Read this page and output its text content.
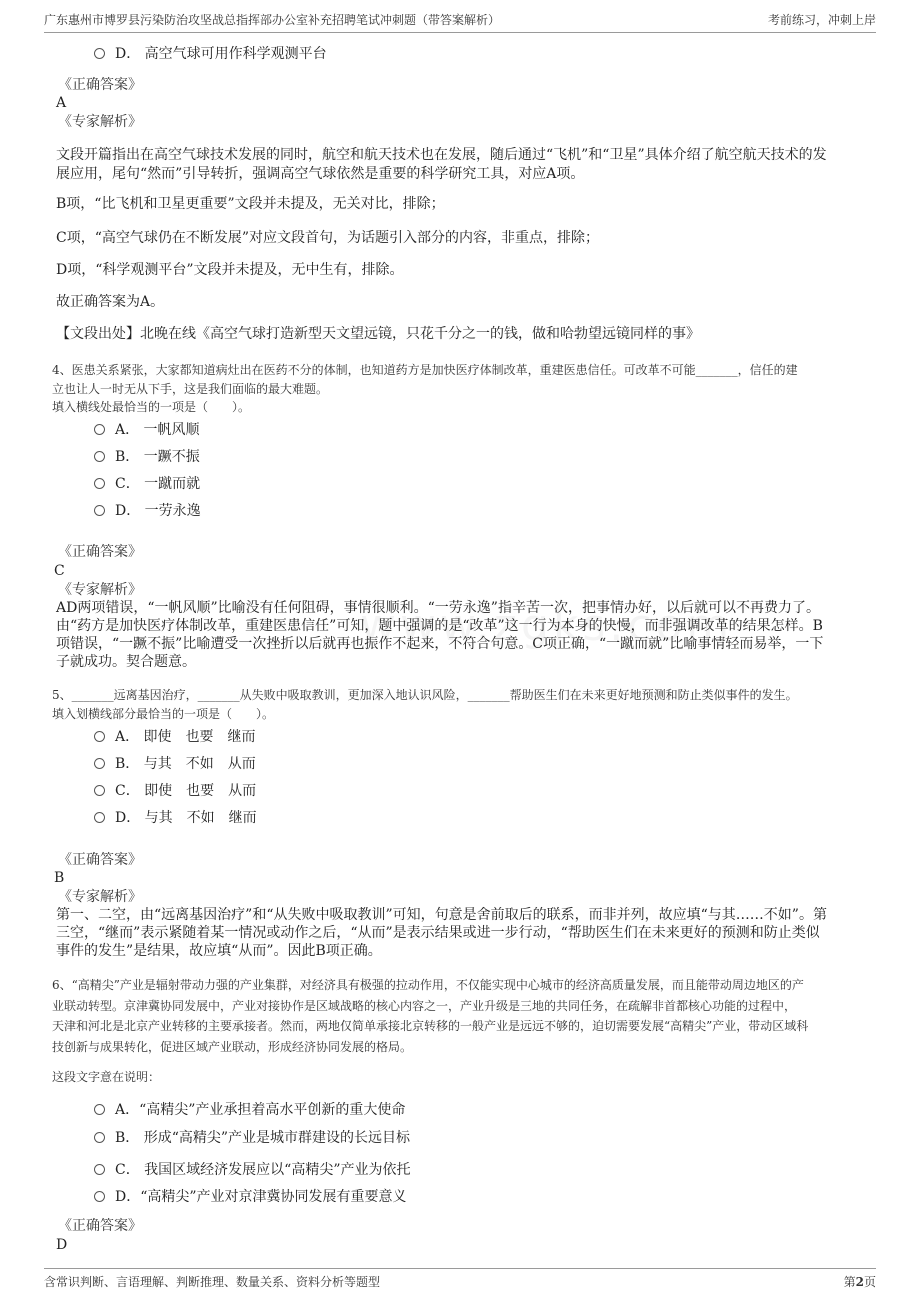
广东惠州市博罗县污染防治攻坚战总指挥部办公室补充招聘笔试冲刺题（带答案解析）	考前练习，冲刺上岸
D． 高空气球可用作科学观测平台
《正确答案》
A
《专家解析》
文段开篇指出在高空气球技术发展的同时，航空和航天技术也在发展，随后通过“飞机”和“卫星”具体介绍了航空航天技术的发
展应用，尾句“然而”引导转折，强调高空气球依然是重要的科学研究工具，对应A项。
B项，“比飞机和卫星更重要”文段并未提及，无关对比，排除；
C项，“高空气球仍在不断发展”对应文段首句，为话题引入部分的内容，非重点，排除；
D项，“科学观测平台”文段并未提及，无中生有，排除。
故正确答案为A。
【文段出处】北晚在线《高空气球打造新型天文望远镜，只花千分之一的钱，做和哈勃望远镜同样的事》
4、医患关系紧张，大家都知道病灶出在医药不分的体制，也知道药方是加快医疗体制改革，重建医患信任。可改革不可能_______，信任的建
立也让人一时无从下手，这是我们面临的最大难题。
填入横线处最恰当的一项是（　　）。
A． 一帆风顺
B． 一蹶不振
C． 一蹴而就
D． 一劳永逸
《正确答案》
C
《专家解析》
AD两项错误，“一帆风顺”比喻没有任何阻碍，事情很顺利。“一劳永逸”指辛苦一次，把事情办好，以后就可以不再费力了。
由“药方是加快医疗体制改革，重建医患信任”可知，题中强调的是“改革”这一行为本身的快慢，而非强调改革的结果怎样。B
项错误，“一蹶不振”比喻遭受一次挫折以后就再也振作不起来，不符合句意。C项正确，“一蹴而就”比喻事情轻而易举，一下
子就成功。契合题意。
5、_______远离基因治疗，_______从失败中吸取教训，更加深入地认识风险，_______帮助医生们在未来更好地预测和防止类似事件的发生。
填入划横线部分最恰当的一项是（　　）。
A． 即使　也要　继而
B． 与其　不如　从而
C． 即使　也要　从而
D． 与其　不如　继而
《正确答案》
B
《专家解析》
第一、二空，由“远离基因治疗”和“从失败中吸取教训”可知，句意是舍前取后的联系，而非并列，故应填“与其……不如”。第
三空，“继而”表示紧随着某一情况或动作之后，“从而”是表示结果或进一步行动，“帮助医生们在未来更好的预测和防止类似
事件的发生”是结果，故应填“从而”。因此B项正确。
6、“高精尖”产业是辐射带动力强的产业集群，对经济具有极强的拉动作用，不仅能实现中心城市的经济高质量发展，而且能带动周边地区的产
业联动转型。京津冀协同发展中，产业对接协作是区域战略的核心内容之一，产业升级是三地的共同任务，在疏解非首都核心功能的过程中，
天津和河北是北京产业转移的主要承接者。然而，两地仅简单承接北京转移的一般产业是远远不够的，迫切需要发展“高精尖”产业，带动区域科
技创新与成果转化，促进区域产业联动，形成经济协同发展的格局。
这段文字意在说明：
A．“高精尖”产业承担着高水平创新的重大使命
B． 形成“高精尖”产业是城市群建设的长远目标
C． 我国区域经济发展应以“高精尖”产业为依托
D．“高精尖”产业对京津冀协同发展有重要意义
《正确答案》
D
含常识判断、言语理解、判断推理、数量关系、资料分析等题型	第2页
